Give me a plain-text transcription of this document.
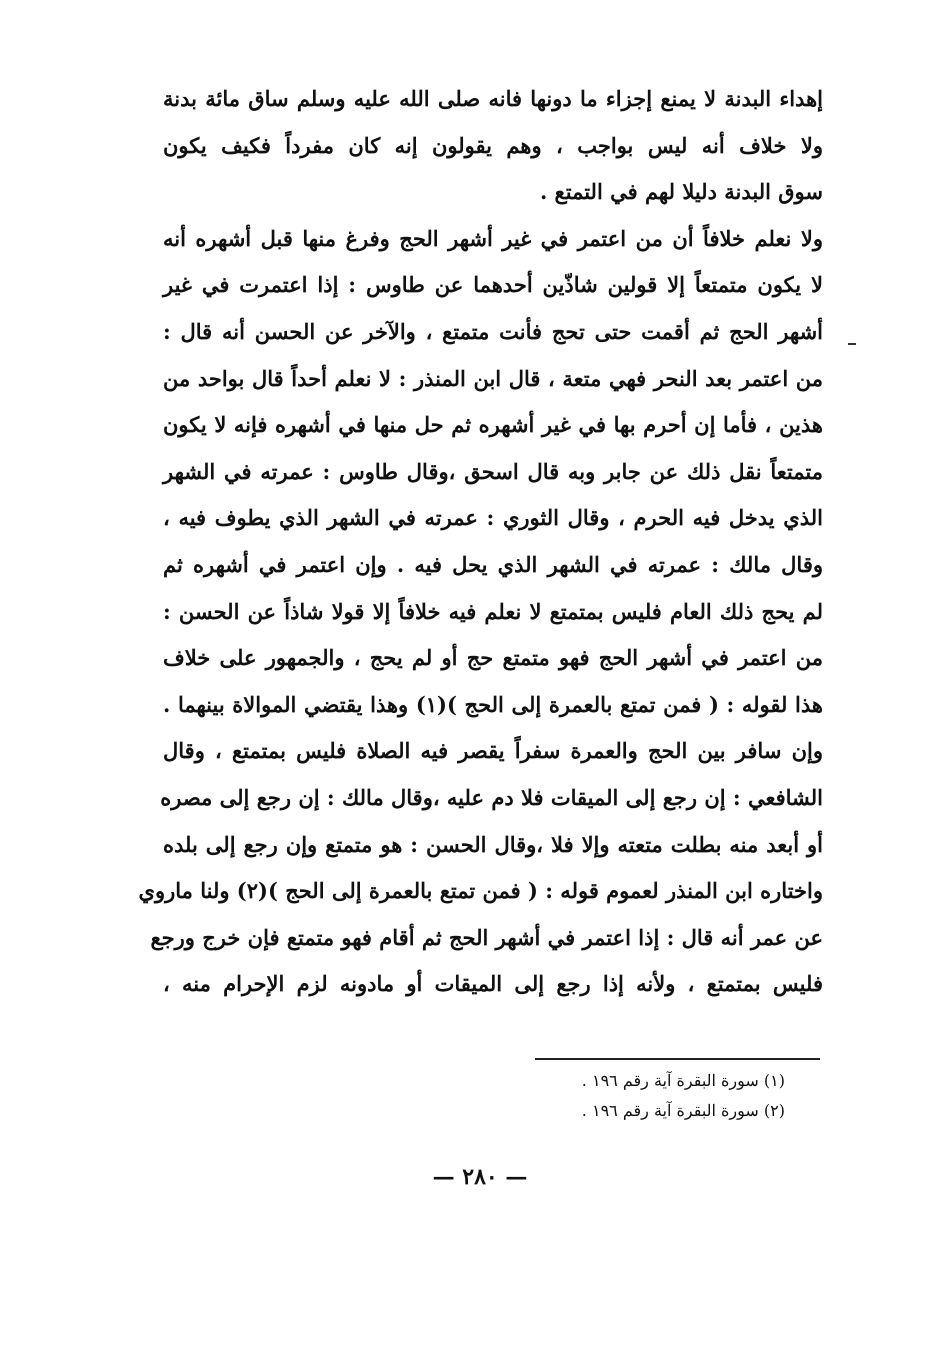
إهداء البدنة لا يمنع إجزاء ما دونها فانه صلى الله عليه وسلم ساق مائة بدنة
ولا خلاف أنه ليس بواجب ، وهم يقولون إنه كان مفرداً فكيف يكون
سوق البدنة دليلا لهم في التمتع .
ولا نعلم خلافاً أن من اعتمر في غير أشهر الحج وفرغ منها قبل أشهره أنه
لا يكون متمتعاً إلا قولين شاذّين أحدهما عن طاوس : إذا اعتمرت في غير
أشهر الحج ثم أقمت حتى تحج فأنت متمتع ، والآخر عن الحسن أنه قال :
من اعتمر بعد النحر فهي متعة ، قال ابن المنذر : لا نعلم أحداً قال بواحد من
هذين ، فأما إن أحرم بها في غير أشهره ثم حل منها في أشهره فإنه لا يكون
متمتعاً نقل ذلك عن جابر وبه قال اسحق ،وقال طاوس : عمرته في الشهر
الذي يدخل فيه الحرم ، وقال الثوري : عمرته في الشهر الذي يطوف فيه ،
وقال مالك : عمرته في الشهر الذي يحل فيه . وإن اعتمر في أشهره ثم
لم يحج ذلك العام فليس بمتمتع لا نعلم فيه خلافاً إلا قولا شاذاً عن الحسن :
من اعتمر في أشهر الحج فهو متمتع حج أو لم يحج ، والجمهور على خلاف
هذا لقوله : ( فمن تمتع بالعمرة إلى الحج )(١) وهذا يقتضي الموالاة بينهما .
وإن سافر بين الحج والعمرة سفراً يقصر فيه الصلاة فليس بمتمتع ، وقال
الشافعي : إن رجع إلى الميقات فلا دم عليه ،وقال مالك : إن رجع إلى مصره
أو أبعد منه بطلت متعته وإلا فلا ،وقال الحسن : هو متمتع وإن رجع إلى بلده
واختاره ابن المنذر لعموم قوله : ( فمن تمتع بالعمرة إلى الحج )(٢) ولنا ماروي
عن عمر أنه قال : إذا اعتمر في أشهر الحج ثم أقام فهو متمتع فإن خرج ورجع
فليس بمتمتع ، ولأنه إذا رجع إلى الميقات أو مادونه لزم الإحرام منه ،
(١) سورة البقرة آية رقم ١٩٦ .
(٢) سورة البقرة آية رقم ١٩٦ .
— ٢٨٠ —
